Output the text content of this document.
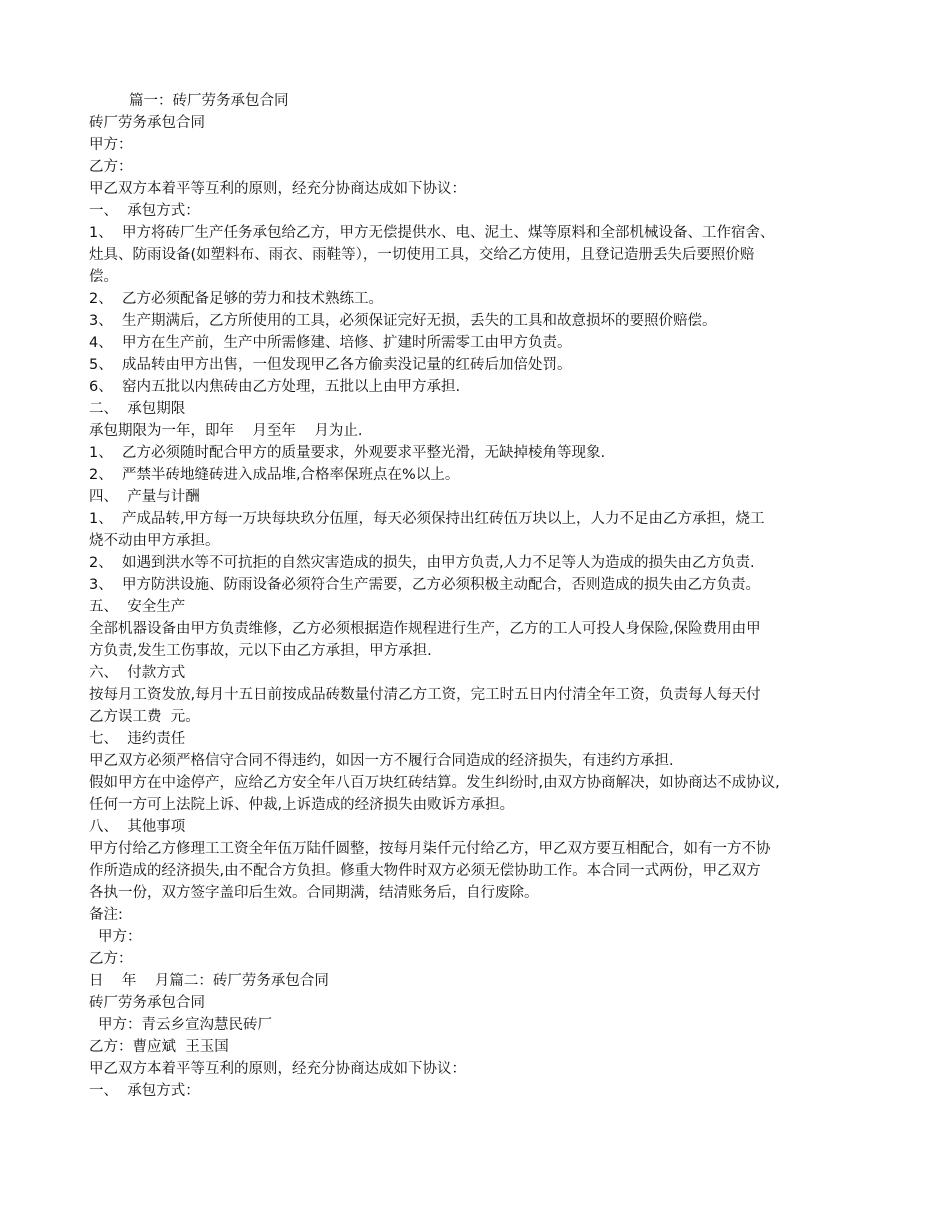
篇一：砖厂劳务承包合同
砖厂劳务承包合同
甲方：
乙方：
甲乙双方本着平等互利的原则，经充分协商达成如下协议：
一、  承包方式：
1、  甲方将砖厂生产任务承包给乙方，甲方无偿提供水、电、泥土、煤等原料和全部机械设备、工作宿舍、
灶具、防雨设备(如塑料布、雨衣、雨鞋等），一切使用工具，交给乙方使用，且登记造册丢失后要照价赔
偿。
2、  乙方必须配备足够的劳力和技术熟练工。
3、  生产期满后，乙方所使用的工具，必须保证完好无损，丢失的工具和故意损坏的要照价赔偿。
4、  甲方在生产前，生产中所需修建、培修、扩建时所需零工由甲方负责。
5、  成品转由甲方出售，一但发现甲乙各方偷卖没记量的红砖后加倍处罚。
6、  窑内五批以内焦砖由乙方处理，五批以上由甲方承担.
二、  承包期限
承包期限为一年，即年    月至年    月为止.
1、  乙方必须随时配合甲方的质量要求，外观要求平整光滑，无缺掉棱角等现象.
2、  严禁半砖地缝砖进入成品堆,合格率保班点在%以上。
四、  产量与计酬
1、  产成品转,甲方每一万块每块玖分伍厘，每天必须保持出红砖伍万块以上，人力不足由乙方承担，烧工
烧不动由甲方承担。
2、  如遇到洪水等不可抗拒的自然灾害造成的损失，由甲方负责,人力不足等人为造成的损失由乙方负责.
3、  甲方防洪设施、防雨设备必须符合生产需要，乙方必须积极主动配合，否则造成的损失由乙方负责。
五、  安全生产
全部机器设备由甲方负责维修，乙方必须根据造作规程进行生产，乙方的工人可投人身保险,保险费用由甲
方负责,发生工伤事故，元以下由乙方承担，甲方承担.
六、  付款方式
按每月工资发放,每月十五日前按成品砖数量付清乙方工资，完工时五日内付清全年工资，负责每人每天付
乙方误工费  元。
七、  违约责任
甲乙双方必须严格信守合同不得违约，如因一方不履行合同造成的经济损失，有违约方承担.
假如甲方在中途停产，应给乙方安全年八百万块红砖结算。发生纠纷时,由双方协商解决，如协商达不成协议,
任何一方可上法院上诉、仲裁,上诉造成的经济损失由败诉方承担。
八、  其他事项
甲方付给乙方修理工工资全年伍万陆仟圆整，按每月柒仟元付给乙方，甲乙双方要互相配合，如有一方不协
作所造成的经济损失,由不配合方负担。修重大物件时双方必须无偿协助工作。本合同一式两份，甲乙双方
各执一份，双方签字盖印后生效。合同期满，结清账务后，自行废除。
备注:
甲方：
乙方：
日    年    月篇二：砖厂劳务承包合同
砖厂劳务承包合同
甲方：青云乡宣沟慧民砖厂
乙方：曹应斌  王玉国
甲乙双方本着平等互利的原则，经充分协商达成如下协议：
一、  承包方式：
